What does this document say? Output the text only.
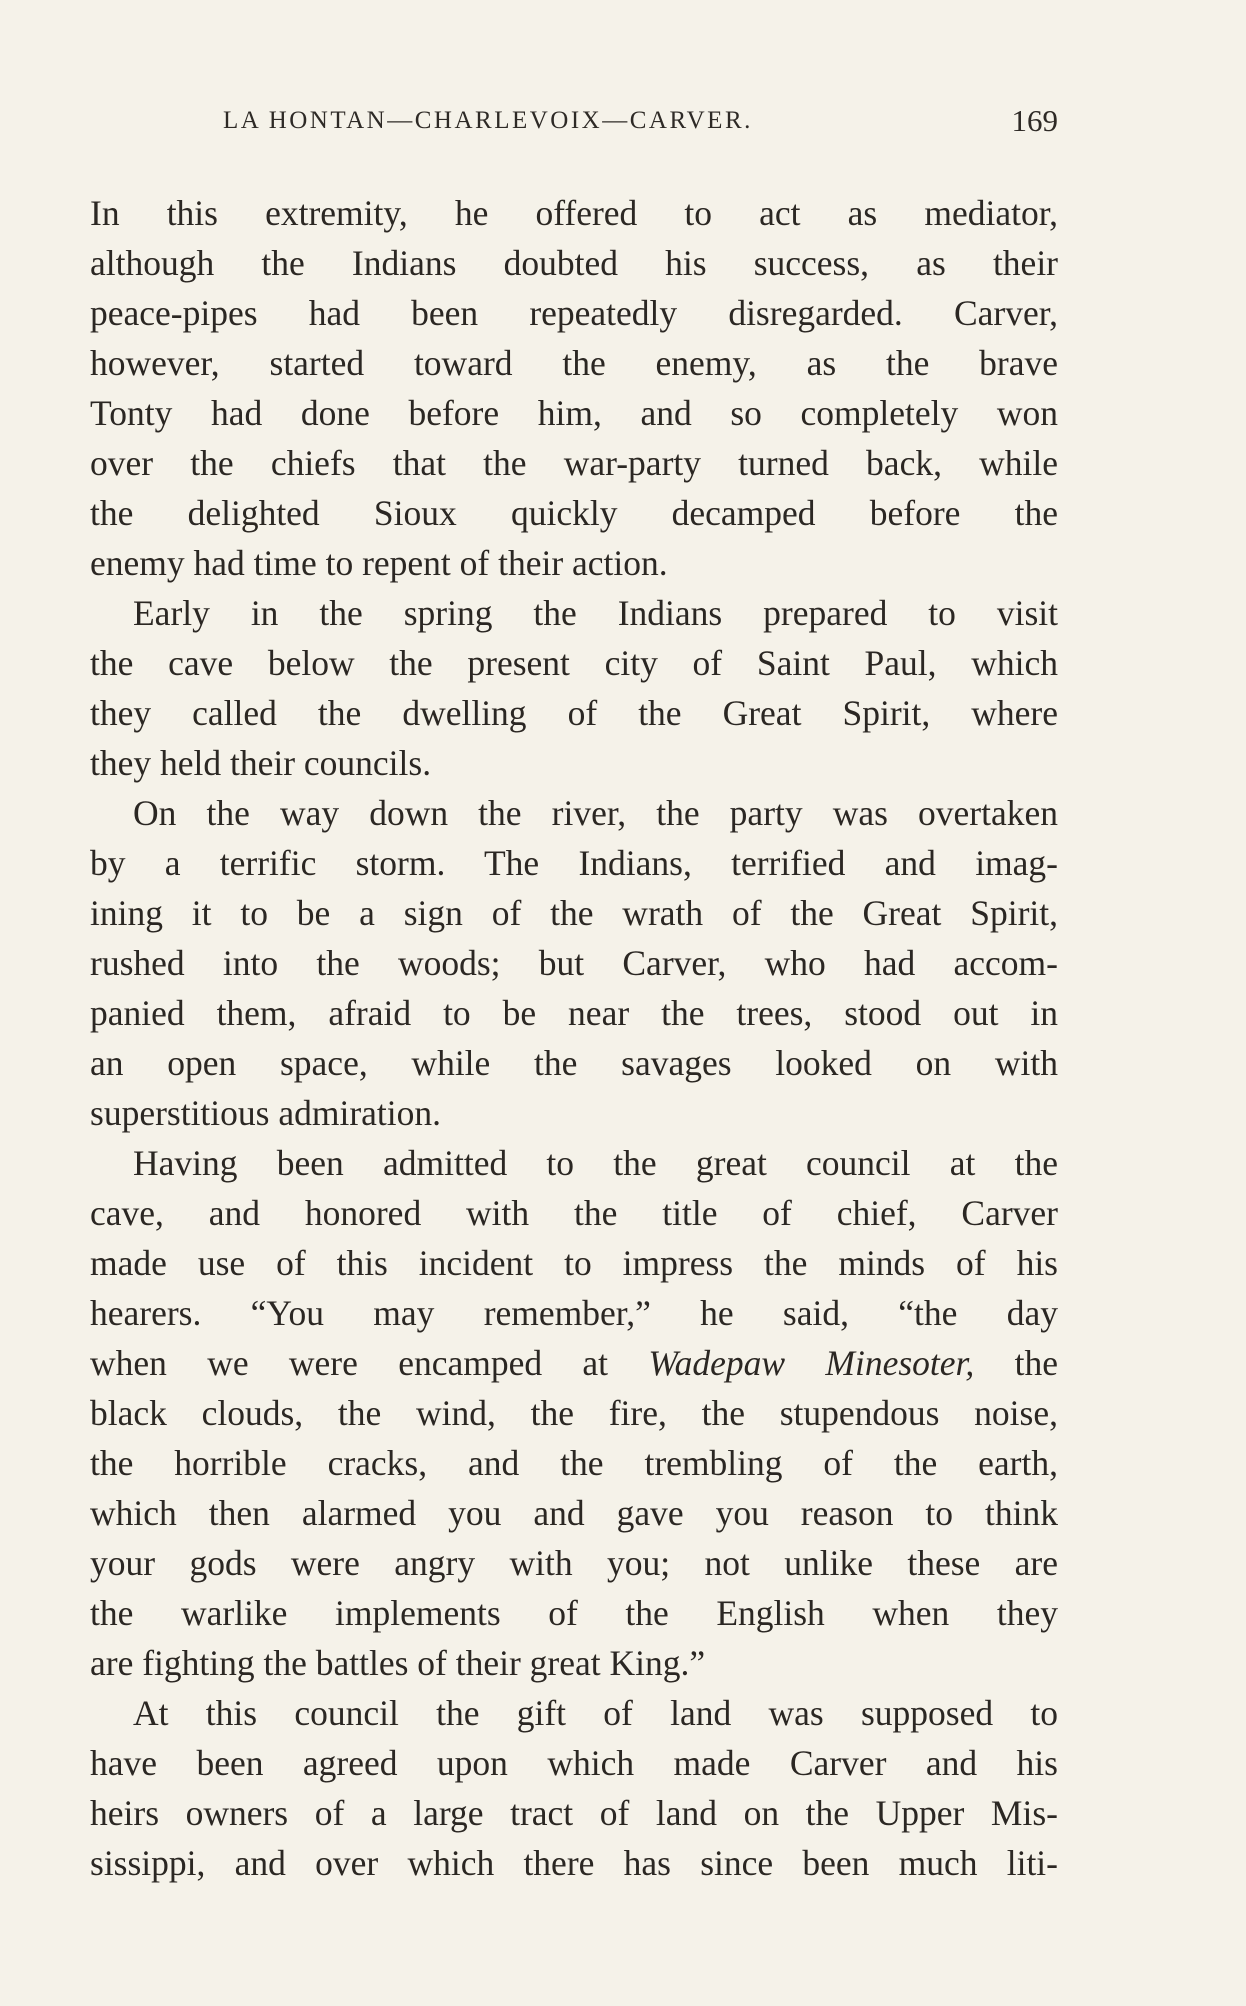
LA HONTAN—CHARLEVOIX—CARVER.	169
In this extremity, he offered to act as mediator,
although the Indians doubted his success, as their
peace-pipes had been repeatedly disregarded. Carver,
however, started toward the enemy, as the brave
Tonty had done before him, and so completely won
over the chiefs that the war-party turned back, while
the delighted Sioux quickly decamped before the
enemy had time to repent of their action.
Early in the spring the Indians prepared to visit
the cave below the present city of Saint Paul, which
they called the dwelling of the Great Spirit, where
they held their councils.
On the way down the river, the party was overtaken
by a terrific storm. The Indians, terrified and imag-
ining it to be a sign of the wrath of the Great Spirit,
rushed into the woods; but Carver, who had accom-
panied them, afraid to be near the trees, stood out in
an open space, while the savages looked on with
superstitious admiration.
Having been admitted to the great council at the
cave, and honored with the title of chief, Carver
made use of this incident to impress the minds of his
hearers. “You may remember,” he said, “the day
when we were encamped at Wadepaw Minesoter, the
black clouds, the wind, the fire, the stupendous noise,
the horrible cracks, and the trembling of the earth,
which then alarmed you and gave you reason to think
your gods were angry with you; not unlike these are
the warlike implements of the English when they
are fighting the battles of their great King.”
At this council the gift of land was supposed to
have been agreed upon which made Carver and his
heirs owners of a large tract of land on the Upper Mis-
sissippi, and over which there has since been much liti-
